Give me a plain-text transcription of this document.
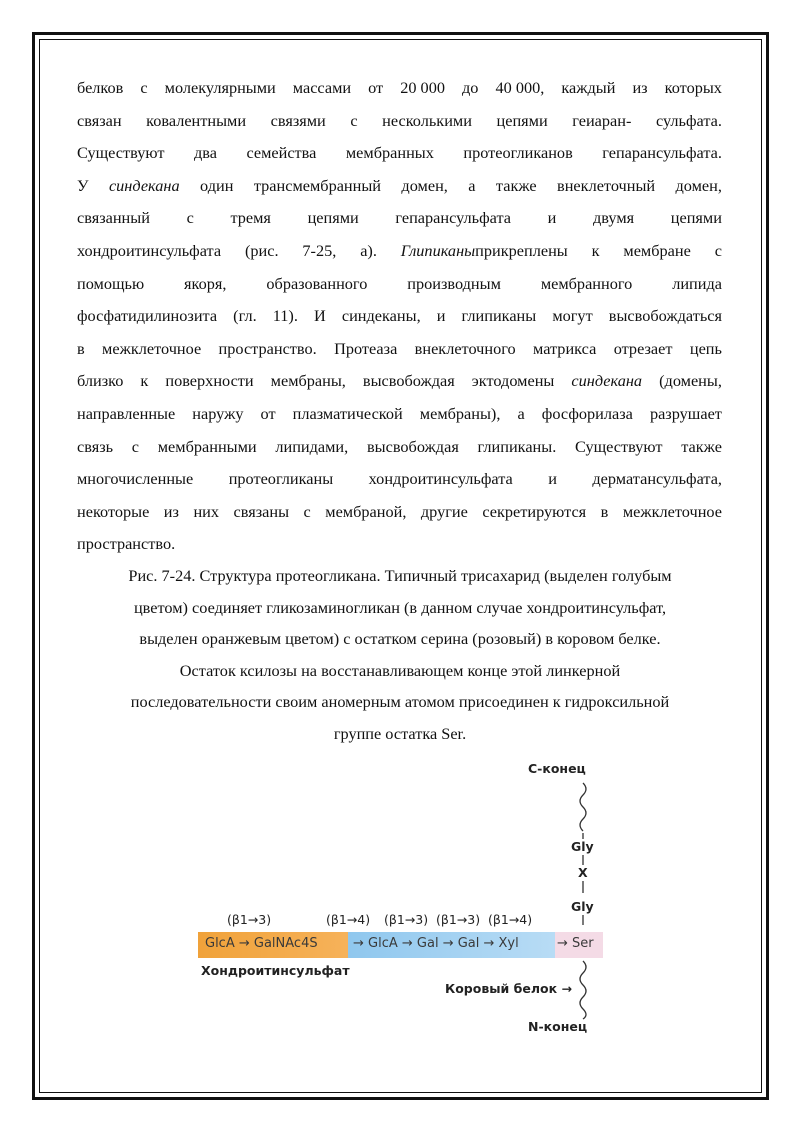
белков с молекулярными массами от 20 000 до 40 000, каждый из которых
связан ковалентными связями с несколькими цепями геиаран- сульфата.
Существуют два семейства мембранных протеогликанов гепарансульфата.
У синдекана один трансмембранный домен, а также внеклеточный домен,
связанный с тремя цепями гепарансульфата и двумя цепями
хондроитинсульфата (рис. 7-25, а). Глипиканыприкреплены к мембране с
помощью якоря, образованного производным мембранного липида
фосфатидилинозита (гл. 11). И синдеканы, и глипиканы могут высвобождаться
в межклеточное пространство. Протеаза внеклеточного матрикса отрезает цепь
близко к поверхности мембраны, высвобождая эктодомены синдекана (домены,
направленные наружу от плазматической мембраны), а фосфорилаза разрушает
связь с мембранными липидами, высвобождая глипиканы. Существуют также
многочисленные протеогликаны хондроитинсульфата и дерматансульфата,
некоторые из них связаны с мембраной, другие секретируются в межклеточное
пространство.
Рис. 7-24. Структура протеогликана. Типичный трисахарид (выделен голубым
цветом) соединяет гликозаминогликан (в данном случае хондроитинсульфат,
выделен оранжевым цветом) с остатком серина (розовый) в коровом белке.
Остаток ксилозы на восстанавливающем конце этой линкерной
последовательности своим аномерным атомом присоединен к гидроксильной
группе остатка Ser.
С-конец
Gly
X
Gly
(β1→3)	(β1→4) (β1→3) (β1→3) (β1→4)
GlcA → GalNAc4S	→ GlcA → Gal → Gal → Xyl	→ Ser
Хондроитинсульфат
Коровый белок →
N-конец
